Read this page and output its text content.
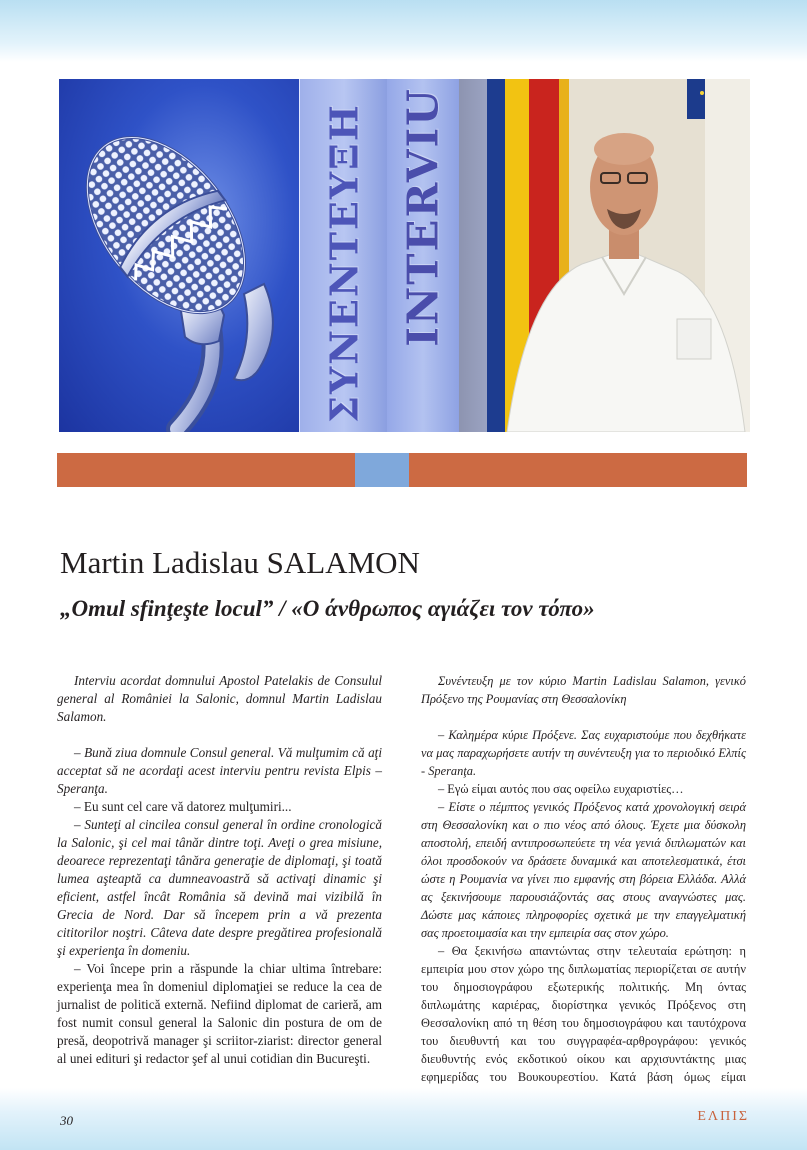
ΣΥΝΕΝΤΕΥΞΗ INTERVIU
Martin Ladislau SALAMON
„Omul sfinţeşte locul” / «Ο άνθρωπος αγιάζει τον τόπο»

Interviu acordat domnului Apostol Patelakis de Consulul general al României la Salonic, domnul Martin Ladislau Salamon.

– Bună ziua domnule Consul general. Vă mulţumim că aţi acceptat să ne acordaţi acest interviu pentru revista Elpis – Speranţa.

– Eu sunt cel care vă datorez mulţumiri...

– Sunteţi al cincilea consul general în ordine cronologică la Salonic, şi cel mai tânăr dintre toţi. Aveţi o grea misiune, deoarece reprezentaţi tânăra generaţie de diplomaţi, şi toată lumea aşteaptă ca dumneavoastră să activaţi dinamic şi eficient, astfel încât România să devină mai vizibilă în Grecia de Nord. Dar să începem prin a vă prezenta cititorilor noştri. Câteva date despre pregătirea profesională şi experienţa în domeniu.

– Voi începe prin a răspunde la chiar ultima întrebare: experienţa mea în domeniul diplomaţiei se reduce la cea de jurnalist de politică externă. Nefiind diplomat de carieră, am fost numit consul general la Salonic din postura de om de presă, deopotrivă manager şi scriitor-ziarist: director general al unei edituri şi redactor şef al unui cotidian din Bucureşti.

Συνέντευξη με τον κύριο Martin Ladislau Salamon, γενικό Πρόξενο της Ρουμανίας στη Θεσσαλονίκη

– Καλημέρα κύριε Πρόξενε. Σας ευχαριστούμε που δεχθήκατε να μας παραχωρήσετε αυτήν τη συνέντευξη για το περιοδικό Ελπίς - Speranţa.

– Εγώ είμαι αυτός που σας οφείλω ευχαριστίες…

– Είστε ο πέμπτος γενικός Πρόξενος κατά χρονολογική σειρά στη Θεσσαλονίκη και ο πιο νέος από όλους. Έχετε μια δύσκολη αποστολή, επειδή αντιπροσωπεύετε τη νέα γενιά διπλωματών και όλοι προσδοκούν να δράσετε δυναμικά και αποτελεσματικά, έτσι ώστε η Ρουμανία να γίνει πιο εμφανής στη βόρεια Ελλάδα. Αλλά ας ξεκινήσουμε παρουσιάζοντάς σας στους αναγνώστες μας. Δώστε μας κάποιες πληροφορίες σχετικά με την επαγγελματική σας προετοιμασία και την εμπειρία σας στον χώρο.

– Θα ξεκινήσω απαντώντας στην τελευταία ερώτηση: η εμπειρία μου στον χώρο της διπλωματίας περιορίζεται σε αυτήν του δημοσιογράφου εξωτερικής πολιτικής. Μη όντας διπλωμάτης καριέρας, διορίστηκα γενικός Πρόξενος στη Θεσσαλονίκη από τη θέση του δημοσιογράφου και ταυτόχρονα του διευθυντή και του συγγραφέα-αρθρογράφου: γενικός διευθυντής ενός εκδοτικού οίκου και αρχισυντάκτης μιας εφημερίδας του Βουκουρεστίου. Κατά βάση όμως είμαι

30	ΕΛΠΙΣ
